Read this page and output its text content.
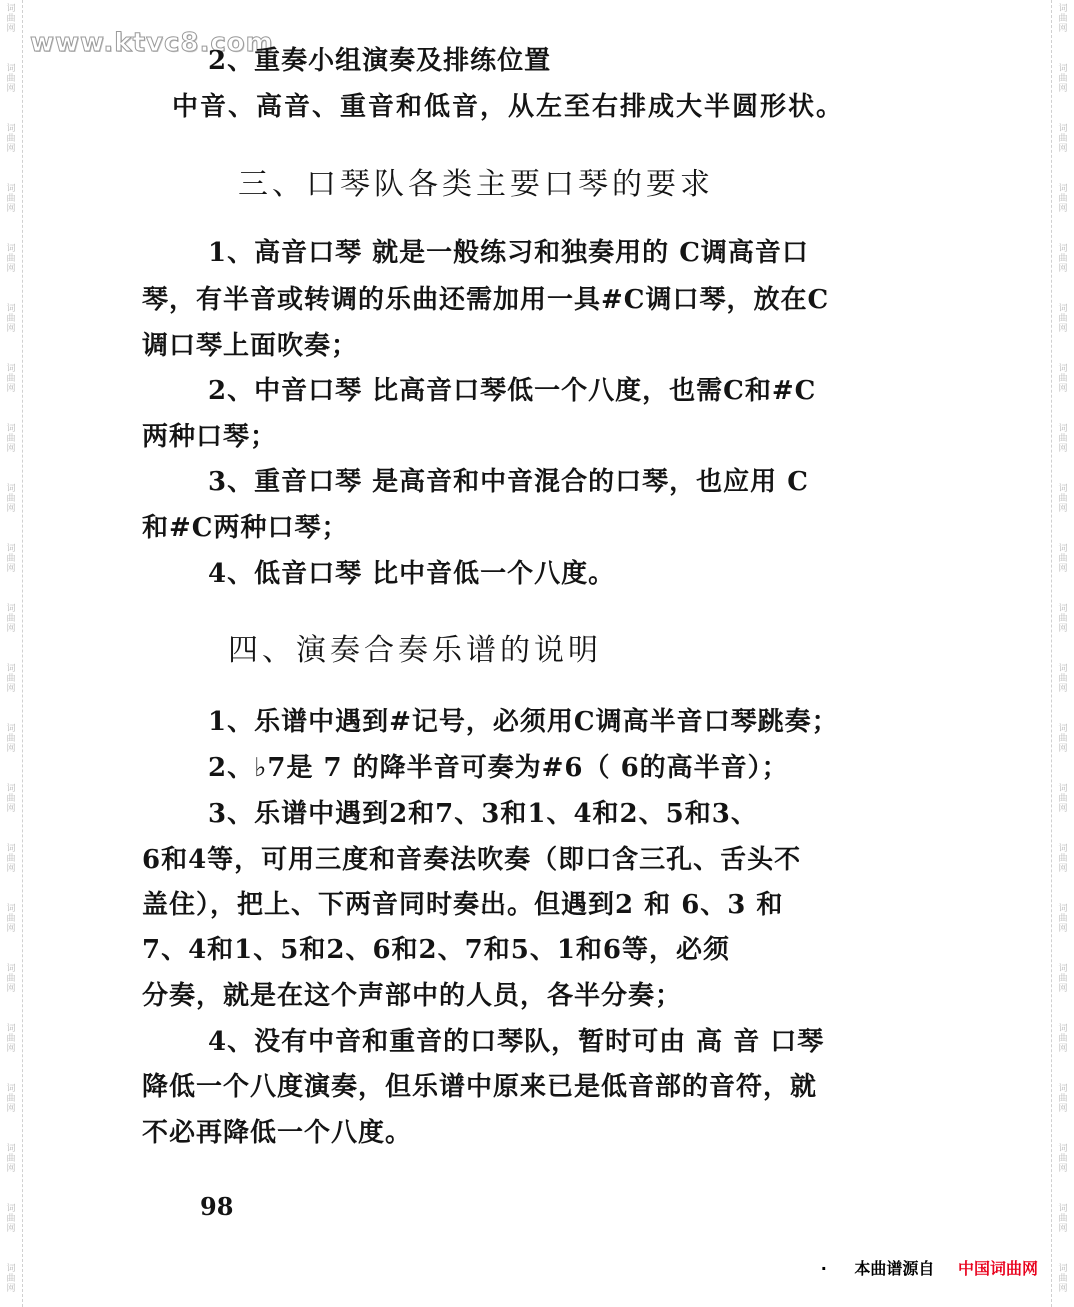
词
曲
网
词
曲
网
词
曲
网
词
曲
网
词
曲
网
词
曲
网
词
曲
网
词
曲
网
词
曲
网
词
曲
网
词
曲
网
词
曲
网
词
曲
网
词
曲
网
词
曲
网
词
曲
网
词
曲
网
词
曲
网
词
曲
网
词
曲
网
词
曲
网
词
曲
网
词
曲
网
词
曲
网
词
曲
网
词
曲
网
词
曲
网
词
曲
网
词
曲
网
词
曲
网
词
曲
网
词
曲
网
词
曲
网
词
曲
网
词
曲
网
词
曲
网
词
曲
网
词
曲
网
词
曲
网
词
曲
网
词
曲
网
词
曲
网
词
曲
网
词
曲
网
www.ktvc8.com
2、重奏小组演奏及排练位置
中音、高音、重音和低音，从左至右排成大半圆形状。
三、口琴队各类主要口琴的要求
1、高音口琴 就是一般练习和独奏用的 C调高音口
琴，有半音或转调的乐曲还需加用一具#C调口琴，放在C
调口琴上面吹奏；
2、中音口琴 比高音口琴低一个八度，也需C和#C
两种口琴；
3、重音口琴 是高音和中音混合的口琴，也应用 C
和#C两种口琴；
4、低音口琴 比中音低一个八度。
四、演奏合奏乐谱的说明
1、乐谱中遇到#记号，必须用C调高半音口琴跳奏；
2、♭7是 7 的降半音可奏为#6（ 6的高半音）；
3、乐谱中遇到2和7、3和1、4和2、5和3、
6和4等，可用三度和音奏法吹奏（即口含三孔、舌头不
盖住），把上、下两音同时奏出。但遇到2 和 6、3 和
7、4和1、5和2、6和2、7和5、1和6等，必须
分奏，就是在这个声部中的人员，各半分奏；
4、没有中音和重音的口琴队，暂时可由 高 音 口琴
降低一个八度演奏，但乐谱中原来已是低音部的音符，就
不必再降低一个八度。
98
· 本曲谱源自 中国词曲网
